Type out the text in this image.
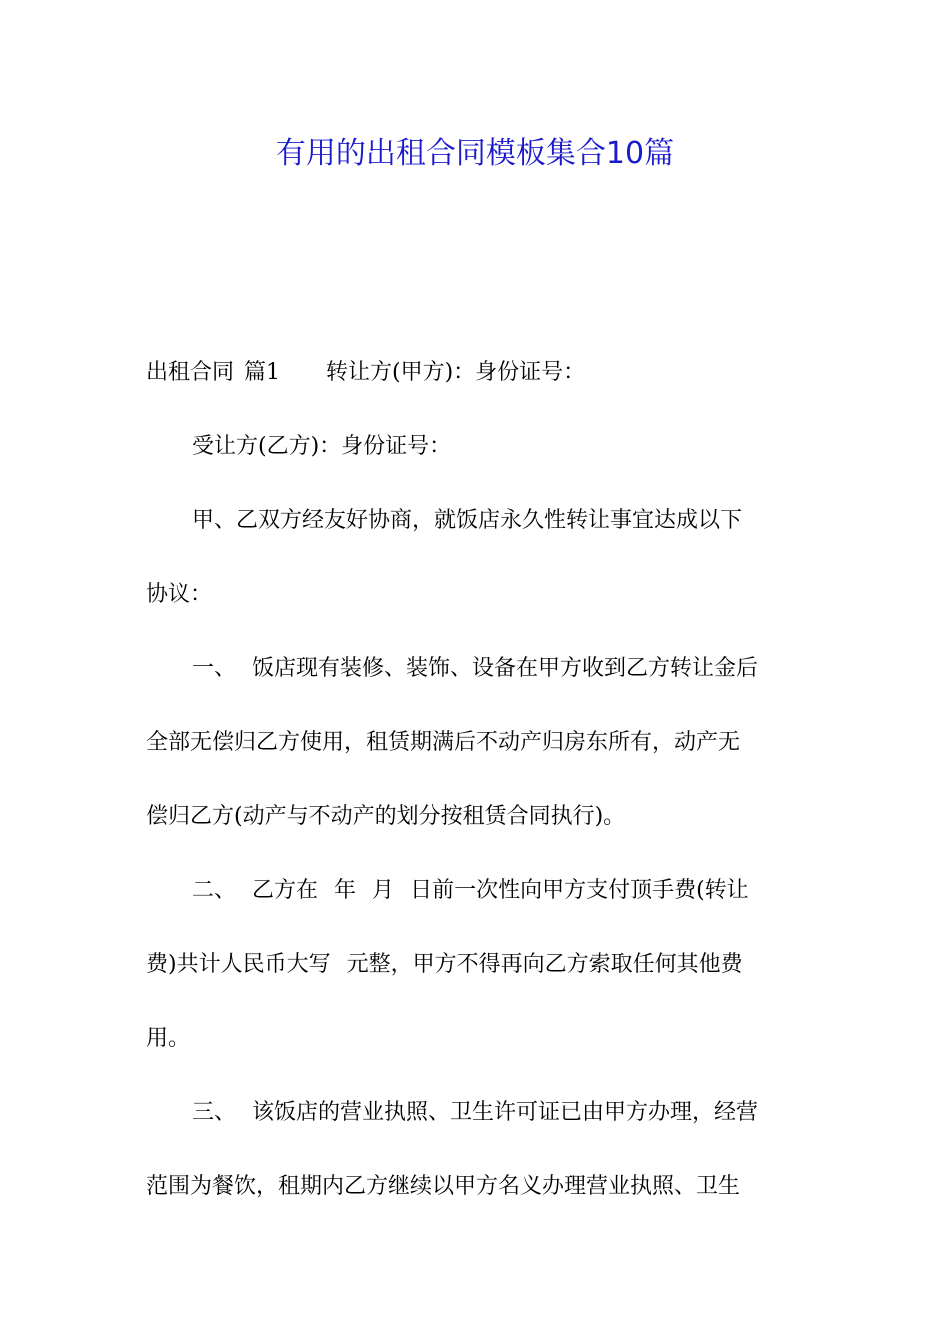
有用的出租合同模板集合10篇
出租合同 篇1 转让方(甲方)：身份证号：
受让方(乙方)：身份证号：
甲、乙双方经友好协商，就饭店永久性转让事宜达成以下
协议：
一、 饭店现有装修、装饰、设备在甲方收到乙方转让金后
全部无偿归乙方使用，租赁期满后不动产归房东所有，动产无
偿归乙方(动产与不动产的划分按租赁合同执行)。
二、 乙方在 年 月 日前一次性向甲方支付顶手费(转让
费)共计人民币大写 元整，甲方不得再向乙方索取任何其他费
用。
三、 该饭店的营业执照、卫生许可证已由甲方办理，经营
范围为餐饮，租期内乙方继续以甲方名义办理营业执照、卫生
